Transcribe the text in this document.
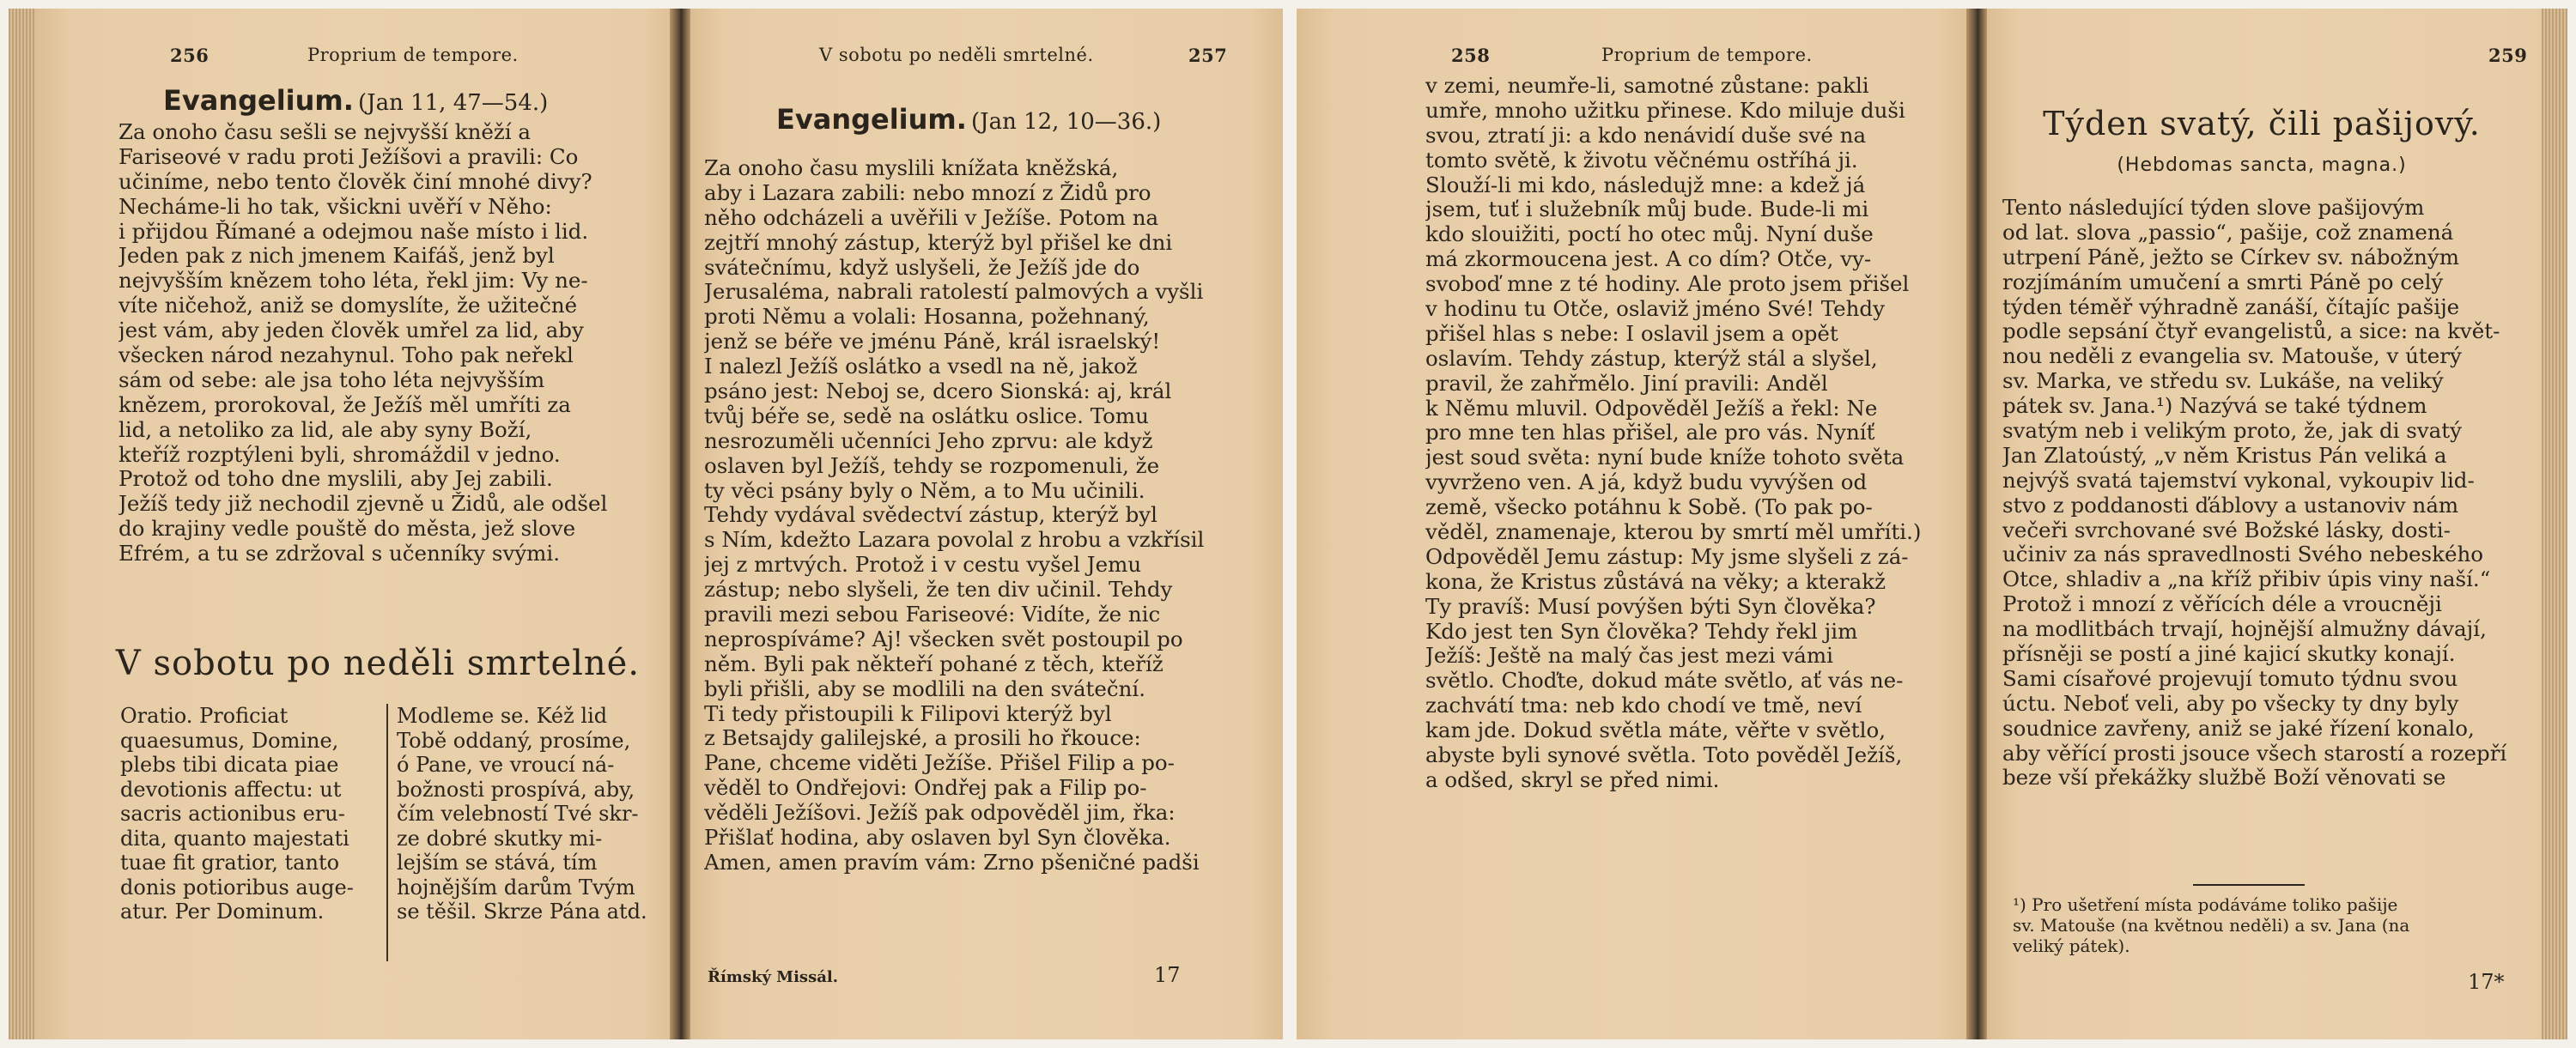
256	Proprium de tempore.
Evangelium. (Jan 11, 47—54.)
Za onoho času sešli se nejvyšší kněží a
Fariseové v radu proti Ježíšovi a pravili: Co
učiníme, nebo tento člověk činí mnohé divy?
Necháme-li ho tak, všickni uvěří v Něho:
i přijdou Římané a odejmou naše místo i lid.
Jeden pak z nich jmenem Kaifáš, jenž byl
nejvyšším knězem toho léta, řekl jim: Vy ne-
víte ničehož, aniž se domyslíte, že užitečné
jest vám, aby jeden člověk umřel za lid, aby
všecken národ nezahynul. Toho pak neřekl
sám od sebe: ale jsa toho léta nejvyšším
knězem, prorokoval, že Ježíš měl umříti za
lid, a netoliko za lid, ale aby syny Boží,
kteříž rozptýleni byli, shromáždil v jedno.
Protož od toho dne myslili, aby Jej zabili.
Ježíš tedy již nechodil zjevně u Židů, ale odšel
do krajiny vedle pouště do města, jež slove
Efrém, a tu se zdržoval s učenníky svými.
V sobotu po neděli smrtelné.
Oratio. Proficiat
quaesumus, Domine,
plebs tibi dicata piae
devotionis affectu: ut
sacris actionibus eru-
dita, quanto majestati
tuae fit gratior, tanto
donis potioribus auge-
atur. Per Dominum.
Modleme se. Kéž lid
Tobě oddaný, prosíme,
ó Pane, ve vroucí ná-
božnosti prospívá, aby,
čím velebností Tvé skr-
ze dobré skutky mi-
lejším se stává, tím
hojnějším darům Tvým
se těšil. Skrze Pána atd.
V sobotu po neděli smrtelné.	257
Evangelium. (Jan 12, 10—36.)
Za onoho času myslili knížata kněžská,
aby i Lazara zabili: nebo mnozí z Židů pro
něho odcházeli a uvěřili v Ježíše. Potom na
zejtří mnohý zástup, kterýž byl přišel ke dni
svátečnímu, když uslyšeli, že Ježíš jde do
Jerusaléma, nabrali ratolestí palmových a vyšli
proti Němu a volali: Hosanna, požehnaný,
jenž se béře ve jménu Páně, král israelský!
I nalezl Ježíš oslátko a vsedl na ně, jakož
psáno jest: Neboj se, dcero Sionská: aj, král
tvůj béře se, sedě na oslátku oslice. Tomu
nesrozuměli učenníci Jeho zprvu: ale když
oslaven byl Ježíš, tehdy se rozpomenuli, že
ty věci psány byly o Něm, a to Mu učinili.
Tehdy vydával svědectví zástup, kterýž byl
s Ním, kdežto Lazara povolal z hrobu a vzkřísil
jej z mrtvých. Protož i v cestu vyšel Jemu
zástup; nebo slyšeli, že ten div učinil. Tehdy
pravili mezi sebou Fariseové: Vidíte, že nic
neprospíváme? Aj! všecken svět postoupil po
něm. Byli pak někteří pohané z těch, kteříž
byli přišli, aby se modlili na den sváteční.
Ti tedy přistoupili k Filipovi kterýž byl
z Betsajdy galilejské, a prosili ho řkouce:
Pane, chceme viděti Ježíše. Přišel Filip a po-
věděl to Ondřejovi: Ondřej pak a Filip po-
věděli Ježíšovi. Ježíš pak odpověděl jim, řka:
Přišlať hodina, aby oslaven byl Syn člověka.
Amen, amen pravím vám: Zrno pšeničné padši
Římský Missál.	17
258	Proprium de tempore.
v zemi, neumře-li, samotné zůstane: pakli
umře, mnoho užitku přinese. Kdo miluje duši
svou, ztratí ji: a kdo nenávidí duše své na
tomto světě, k životu věčnému ostříhá ji.
Slouží-li mi kdo, následujž mne: a kdež já
jsem, tuť i služebník můj bude. Bude-li mi
kdo slouižiti, poctí ho otec můj. Nyní duše
má zkormoucena jest. A co dím? Otče, vy-
svoboď mne z té hodiny. Ale proto jsem přišel
v hodinu tu Otče, oslaviž jméno Své! Tehdy
přišel hlas s nebe: I oslavil jsem a opět
oslavím. Tehdy zástup, kterýž stál a slyšel,
pravil, že zahřmělo. Jiní pravili: Anděl
k Němu mluvil. Odpověděl Ježíš a řekl: Ne
pro mne ten hlas přišel, ale pro vás. Nyníť
jest soud světa: nyní bude kníže tohoto světa
vyvrženo ven. A já, když budu vyvýšen od
země, všecko potáhnu k Sobě. (To pak po-
věděl, znamenaje, kterou by smrtí měl umříti.)
Odpověděl Jemu zástup: My jsme slyšeli z zá-
kona, že Kristus zůstává na věky; a kterakž
Ty pravíš: Musí povýšen býti Syn člověka?
Kdo jest ten Syn člověka? Tehdy řekl jim
Ježíš: Ještě na malý čas jest mezi vámi
světlo. Choďte, dokud máte světlo, ať vás ne-
zachvátí tma: neb kdo chodí ve tmě, neví
kam jde. Dokud světla máte, věřte v světlo,
abyste byli synové světla. Toto pověděl Ježíš,
a odšed, skryl se před nimi.
259
Týden svatý, čili pašijový.
(Hebdomas sancta, magna.)
Tento následující týden slove pašijovým
od lat. slova „passio“, pašije, což znamená
utrpení Páně, ježto se Církev sv. nábožným
rozjímáním umučení a smrti Páně po celý
týden téměř výhradně zanáší, čítajíc pašije
podle sepsání čtyř evangelistů, a sice: na květ-
nou neděli z evangelia sv. Matouše, v úterý
sv. Marka, ve středu sv. Lukáše, na veliký
pátek sv. Jana.¹) Nazývá se také týdnem
svatým neb i velikým proto, že, jak di svatý
Jan Zlatoústý, „v něm Kristus Pán veliká a
nejvýš svatá tajemství vykonal, vykoupiv lid-
stvo z poddanosti ďáblovy a ustanoviv nám
večeři svrchované své Božské lásky, dosti-
učiniv za nás spravedlnosti Svého nebeského
Otce, shladiv a „na kříž přibiv úpis viny naší.“
Protož i mnozí z věřících déle a vroucněji
na modlitbách trvají, hojnější almužny dávají,
přísněji se postí a jiné kajicí skutky konají.
Sami císařové projevují tomuto týdnu svou
úctu. Neboť veli, aby po všecky ty dny byly
soudnice zavřeny, aniž se jaké řízení konalo,
aby věřící prosti jsouce všech starostí a rozepří
beze vší překážky službě Boží věnovati se
¹) Pro ušetření místa podáváme toliko pašije
sv. Matouše (na květnou neděli) a sv. Jana (na
veliký pátek).
17*
